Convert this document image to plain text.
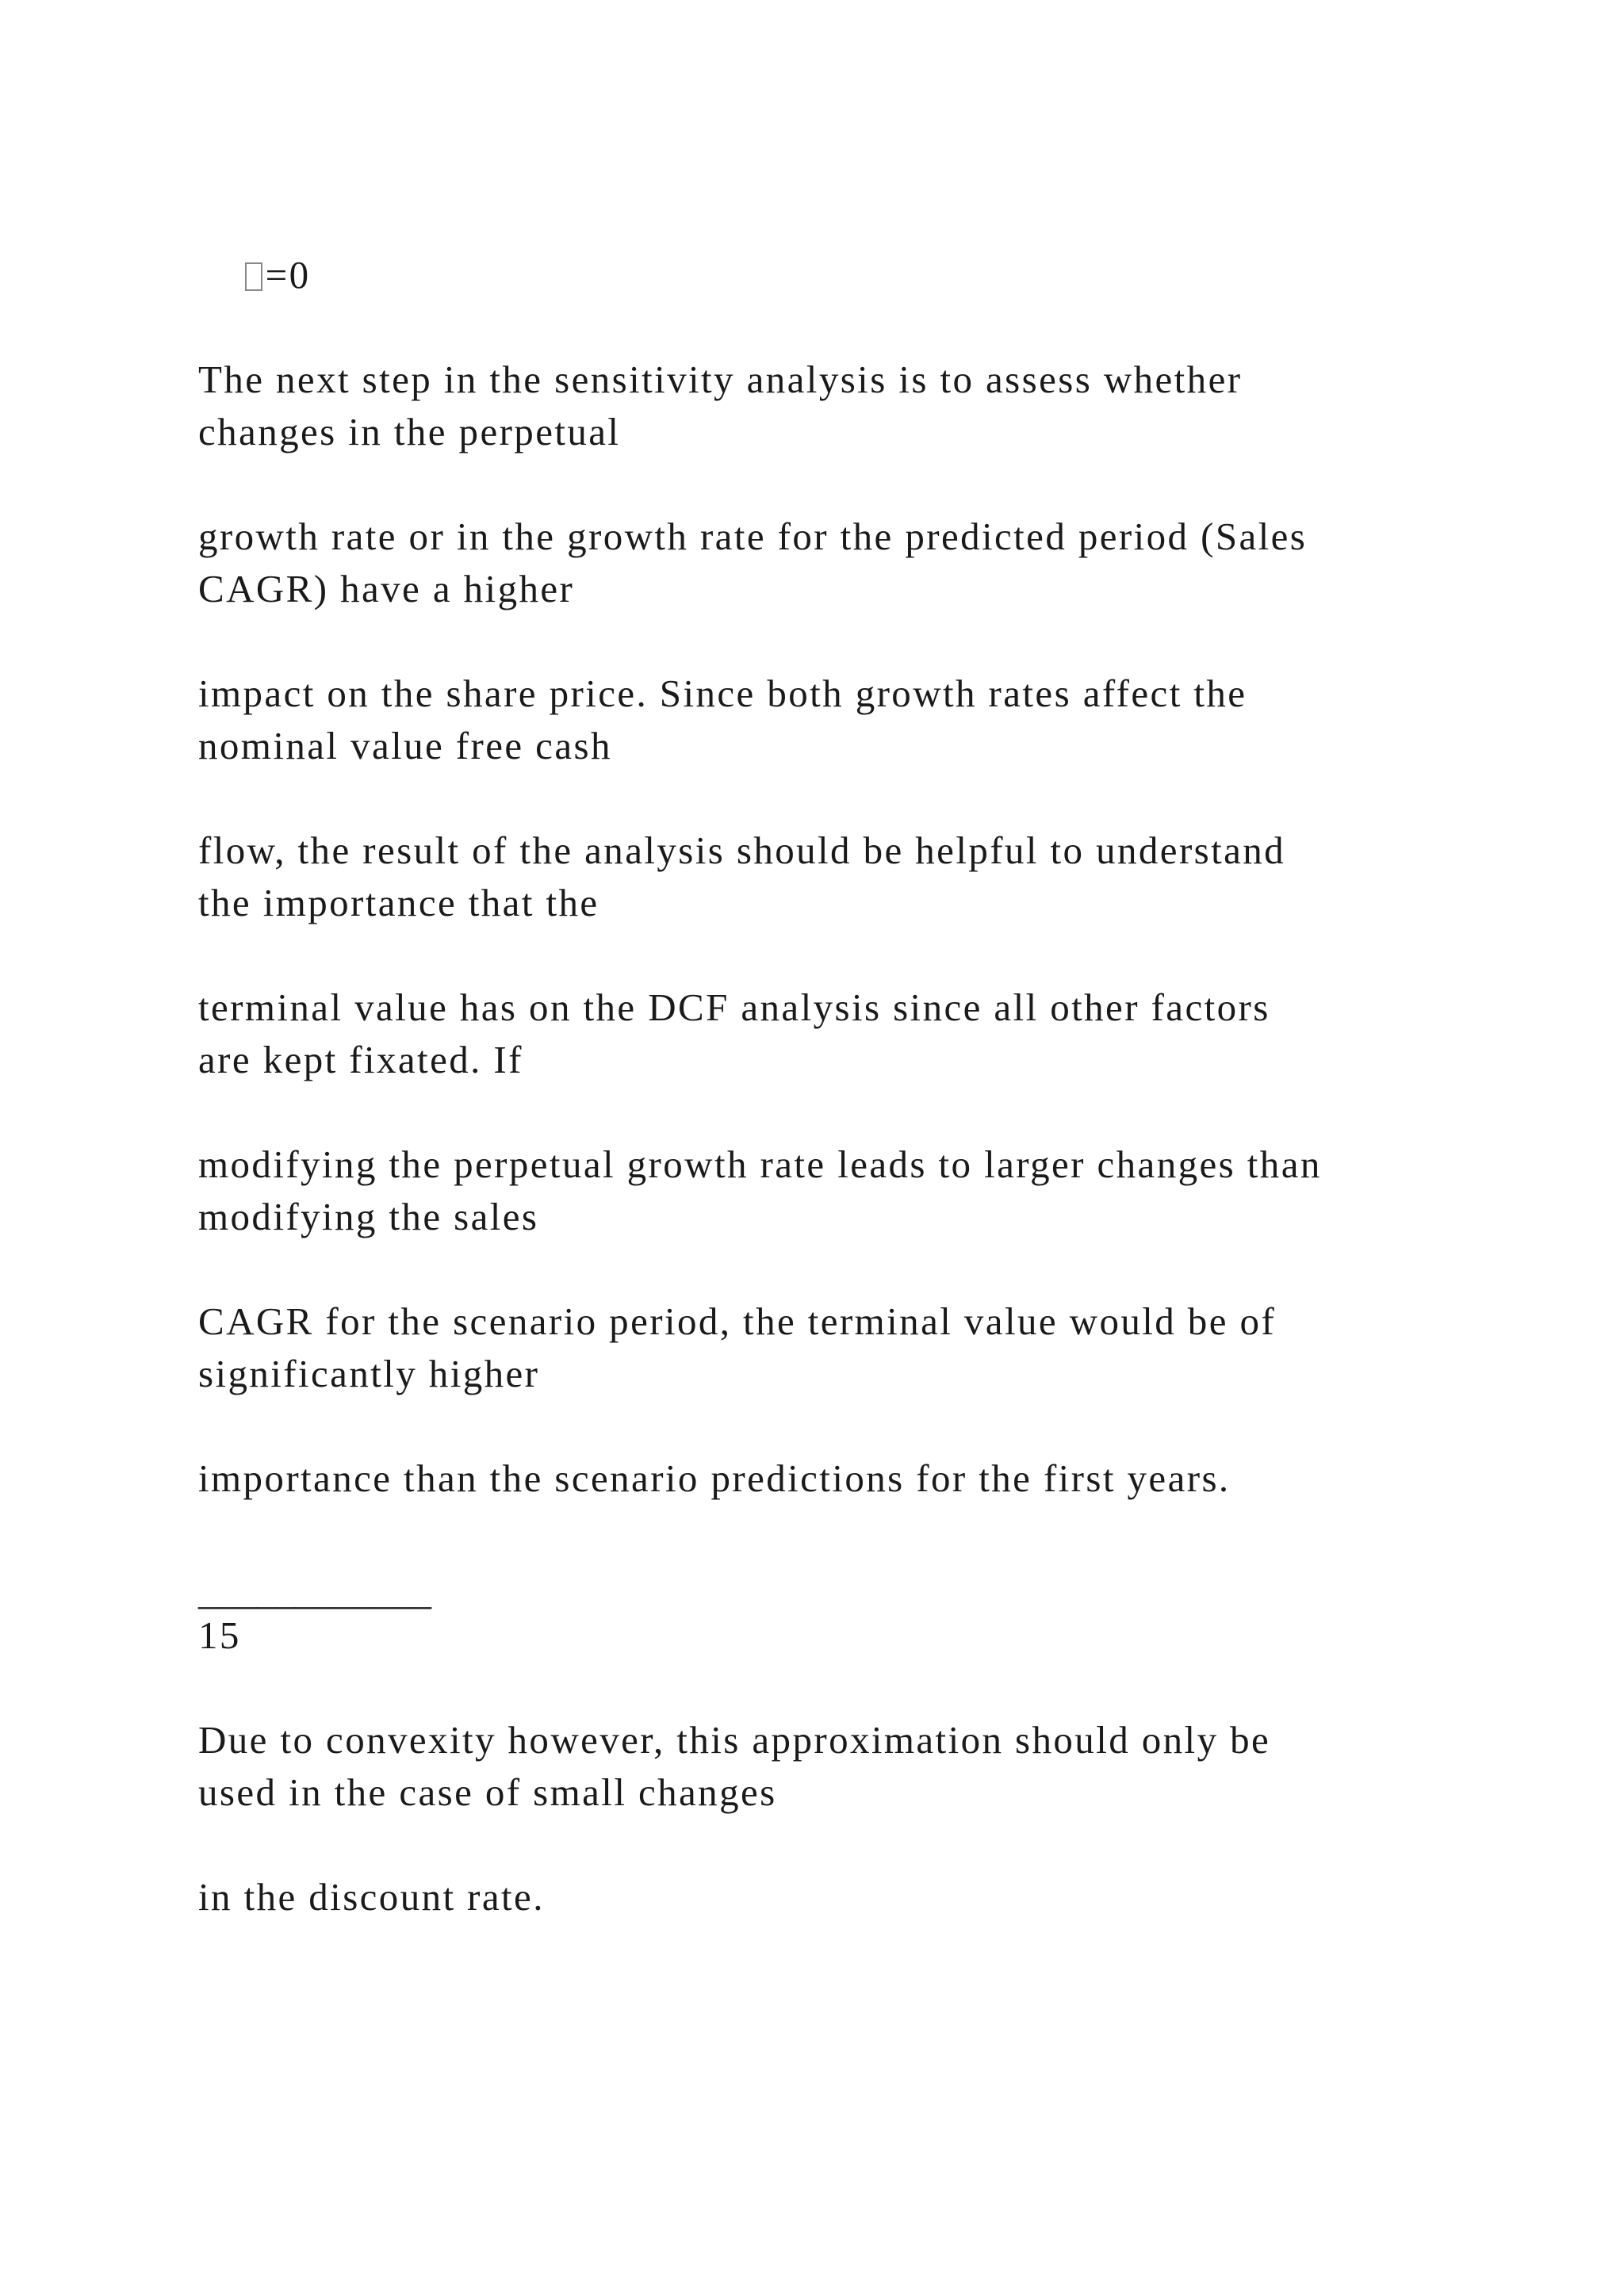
=0

The next step in the sensitivity analysis is to assess whether

changes in the perpetual

growth rate or in the growth rate for the predicted period (Sales

CAGR) have a higher

impact on the share price. Since both growth rates affect the

nominal value free cash

flow, the result of the analysis should be helpful to understand

the importance that the

terminal value has on the DCF analysis since all other factors

are kept fixated. If

modifying the perpetual growth rate leads to larger changes than

modifying the sales

CAGR for the scenario period, the terminal value would be of

significantly higher

importance than the scenario predictions for the first years.

____________

15

Due to convexity however, this approximation should only be

used in the case of small changes

in the discount rate.
